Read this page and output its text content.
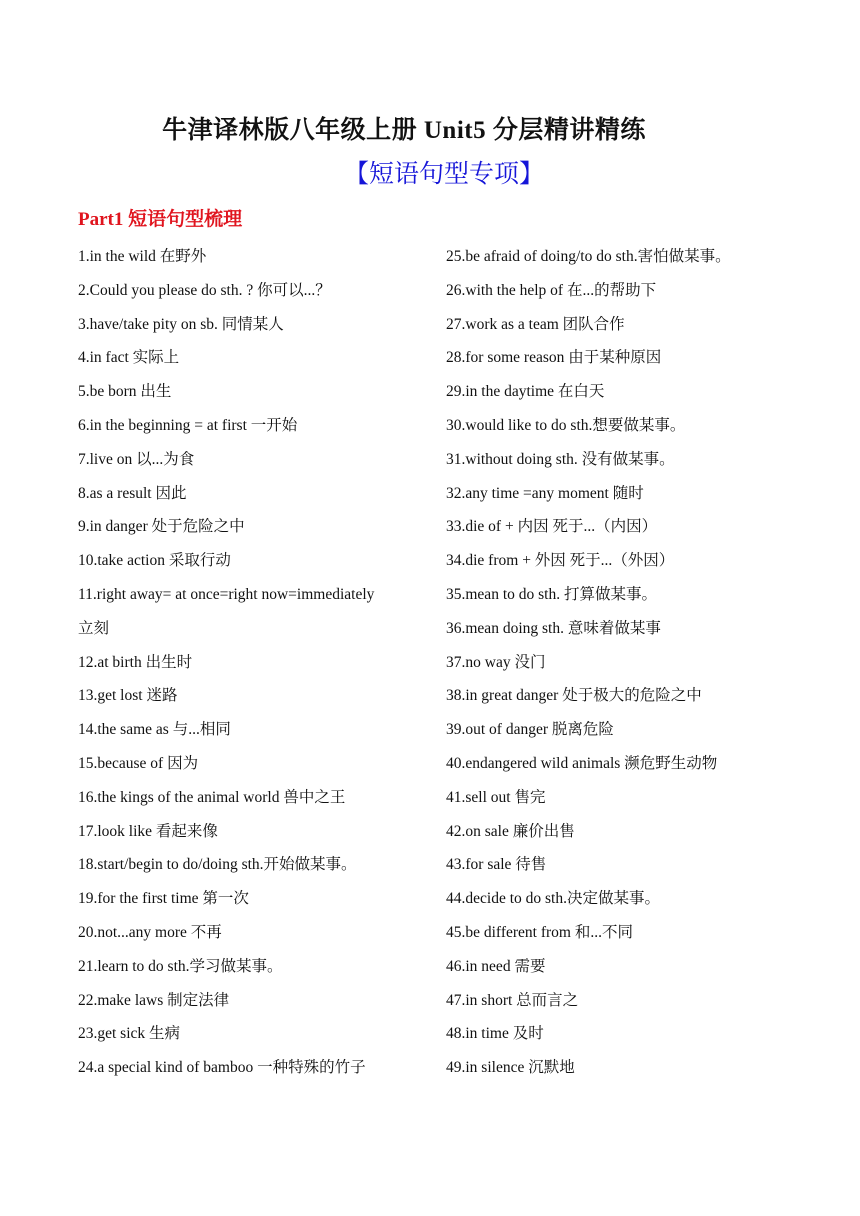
牛津译林版八年级上册 Unit5 分层精讲精练
【短语句型专项】
Part1 短语句型梳理
1.in the wild 在野外
2.Could you please do sth. ? 你可以...？
3.have/take pity on sb. 同情某人
4.in fact 实际上
5.be born 出生
6.in the beginning = at first 一开始
7.live on 以...为食
8.as a result 因此
9.in danger 处于危险之中
10.take action 采取行动
11.right away= at once=right now=immediately
立刻
12.at birth 出生时
13.get lost 迷路
14.the same as 与...相同
15.because of 因为
16.the kings of the animal world 兽中之王
17.look like 看起来像
18.start/begin to do/doing sth.开始做某事。
19.for the first time 第一次
20.not...any more 不再
21.learn to do sth.学习做某事。
22.make laws 制定法律
23.get sick 生病
24.a special kind of bamboo 一种特殊的竹子
25.be afraid of doing/to do sth.害怕做某事。
26.with the help of 在...的帮助下
27.work as a team 团队合作
28.for some reason 由于某种原因
29.in the daytime 在白天
30.would like to do sth.想要做某事。
31.without doing sth. 没有做某事。
32.any time =any moment 随时
33.die of + 内因 死于...（内因）
34.die from + 外因 死于...（外因）
35.mean to do sth. 打算做某事。
36.mean doing sth. 意味着做某事
37.no way 没门
38.in great danger 处于极大的危险之中
39.out of danger 脱离危险
40.endangered wild animals 濒危野生动物
41.sell out 售完
42.on sale 廉价出售
43.for sale 待售
44.decide to do sth.决定做某事。
45.be different from 和...不同
46.in need 需要
47.in short 总而言之
48.in time 及时
49.in silence 沉默地
